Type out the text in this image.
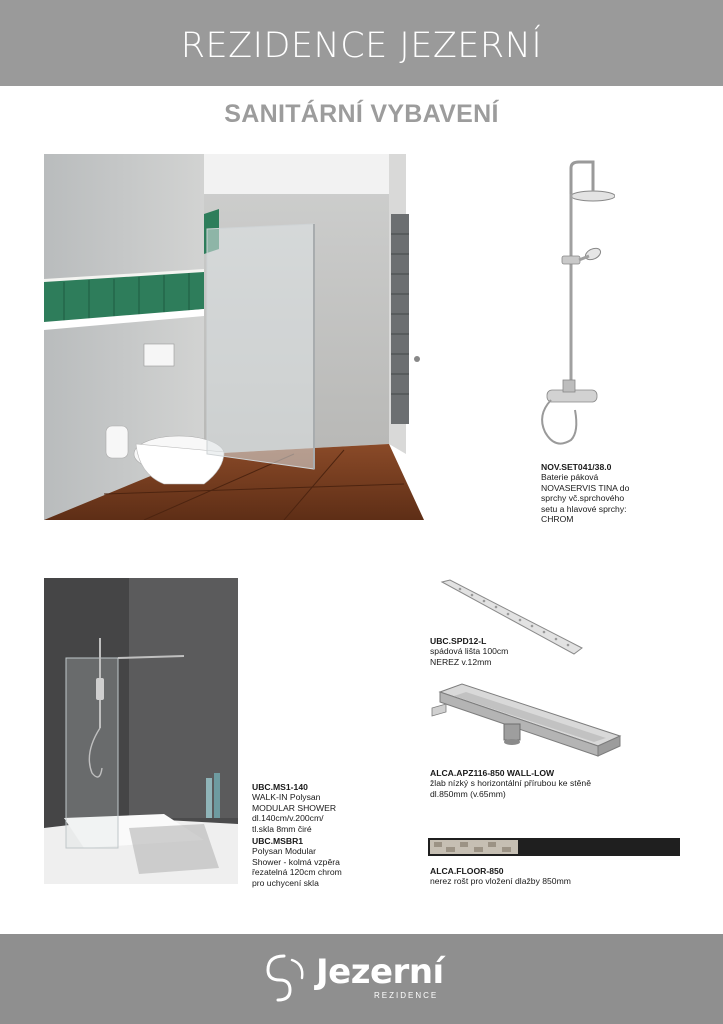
REZIDENCE JEZERNÍ
SANITÁRNÍ VYBAVENÍ
NOV.SET041/38.0
Baterie páková
NOVASERVIS TINA do
sprchy vč.sprchového
setu a hlavové sprchy:
CHROM
UBC.MS1-140
WALK-IN Polysan
MODULAR SHOWER
dl.140cm/v.200cm/
tl.skla 8mm čiré
UBC.MSBR1
Polysan Modular
Shower - kolmá vzpěra
řezatelná 120cm chrom
pro uchycení skla
UBC.SPD12-L
spádová lišta 100cm
NEREZ v.12mm
ALCA.APZ116-850 WALL-LOW
žlab nízký s horizontální přírubou ke stěně
dl.850mm (v.65mm)
ALCA.FLOOR-850
nerez rošt pro vložení dlažby 850mm
Jezerní
REZIDENCE
